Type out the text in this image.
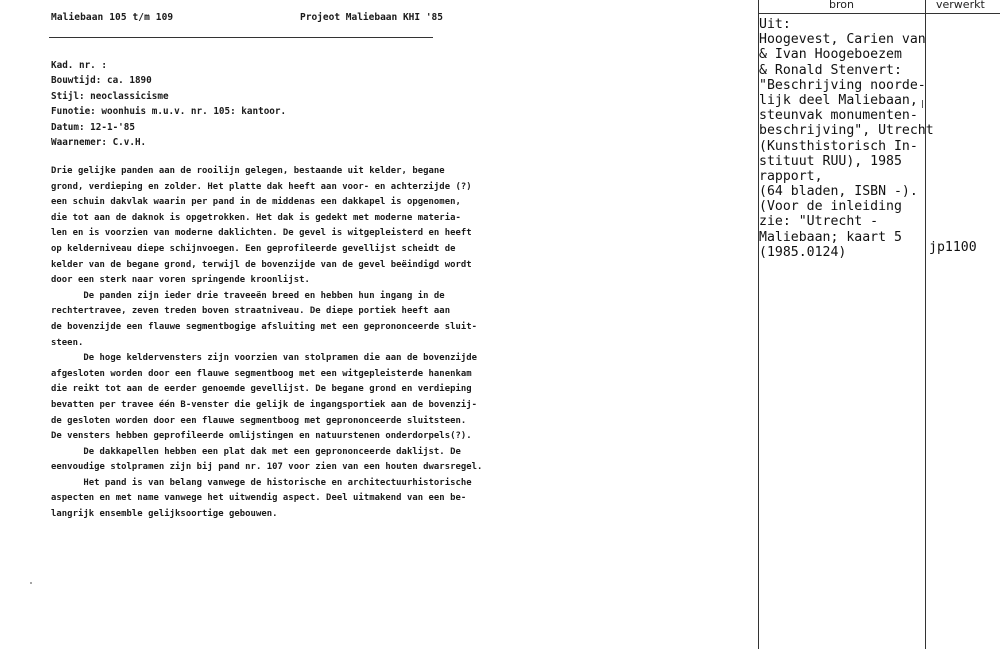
Maliebaan 105 t/m 109	Projeot Maliebaan KHI '85
Kad. nr. :
Bouwtijd: ca. 1890
Stijl: neoclassicisme
Funotie: woonhuis m.u.v. nr. 105: kantoor.
Datum: 12-1-'85
Waarnemer: C.v.H.
Drie gelijke panden aan de rooilijn gelegen, bestaande uit kelder, begane
grond, verdieping en zolder. Het platte dak heeft aan voor- en achterzijde (?)
een schuin dakvlak waarin per pand in de middenas een dakkapel is opgenomen,
die tot aan de daknok is opgetrokken. Het dak is gedekt met moderne materia-
len en is voorzien van moderne daklichten. De gevel is witgepleisterd en heeft
op kelderniveau diepe schijnvoegen. Een geprofileerde gevellijst scheidt de
kelder van de begane grond, terwijl de bovenzijde van de gevel beëindigd wordt
door een sterk naar voren springende kroonlijst.
De panden zijn ieder drie traveeën breed en hebben hun ingang in de
rechtertravee, zeven treden boven straatniveau. De diepe portiek heeft aan
de bovenzijde een flauwe segmentbogige afsluiting met een geprononceerde sluit-
steen.
De hoge keldervensters zijn voorzien van stolpramen die aan de bovenzijde
afgesloten worden door een flauwe segmentboog met een witgepleisterde hanenkam
die reikt tot aan de eerder genoemde gevellijst. De begane grond en verdieping
bevatten per travee één B-venster die gelijk de ingangsportiek aan de bovenzij-
de gesloten worden door een flauwe segmentboog met geprononceerde sluitsteen.
De vensters hebben geprofileerde omlijstingen en natuurstenen onderdorpels(?).
De dakkapellen hebben een plat dak met een geprononceerde daklijst. De
eenvoudige stolpramen zijn bij pand nr. 107 voor zien van een houten dwarsregel.
Het pand is van belang vanwege de historische en architectuurhistorische
aspecten en met name vanwege het uitwendig aspect. Deel uitmakend van een be-
langrijk ensemble gelijksoortige gebouwen.
bron	verwerkt
Uit:
Hoogevest, Carien van
& Ivan Hoogeboezem
& Ronald Stenvert:
"Beschrijving noorde-
lijk deel Maliebaan,
steunvak monumenten-
beschrijving", Utrecht
(Kunsthistorisch In-
stituut RUU), 1985
rapport,
(64 bladen, ISBN -).
(Voor de inleiding
zie: "Utrecht -
Maliebaan; kaart 5
(1985.0124)	jp1100
